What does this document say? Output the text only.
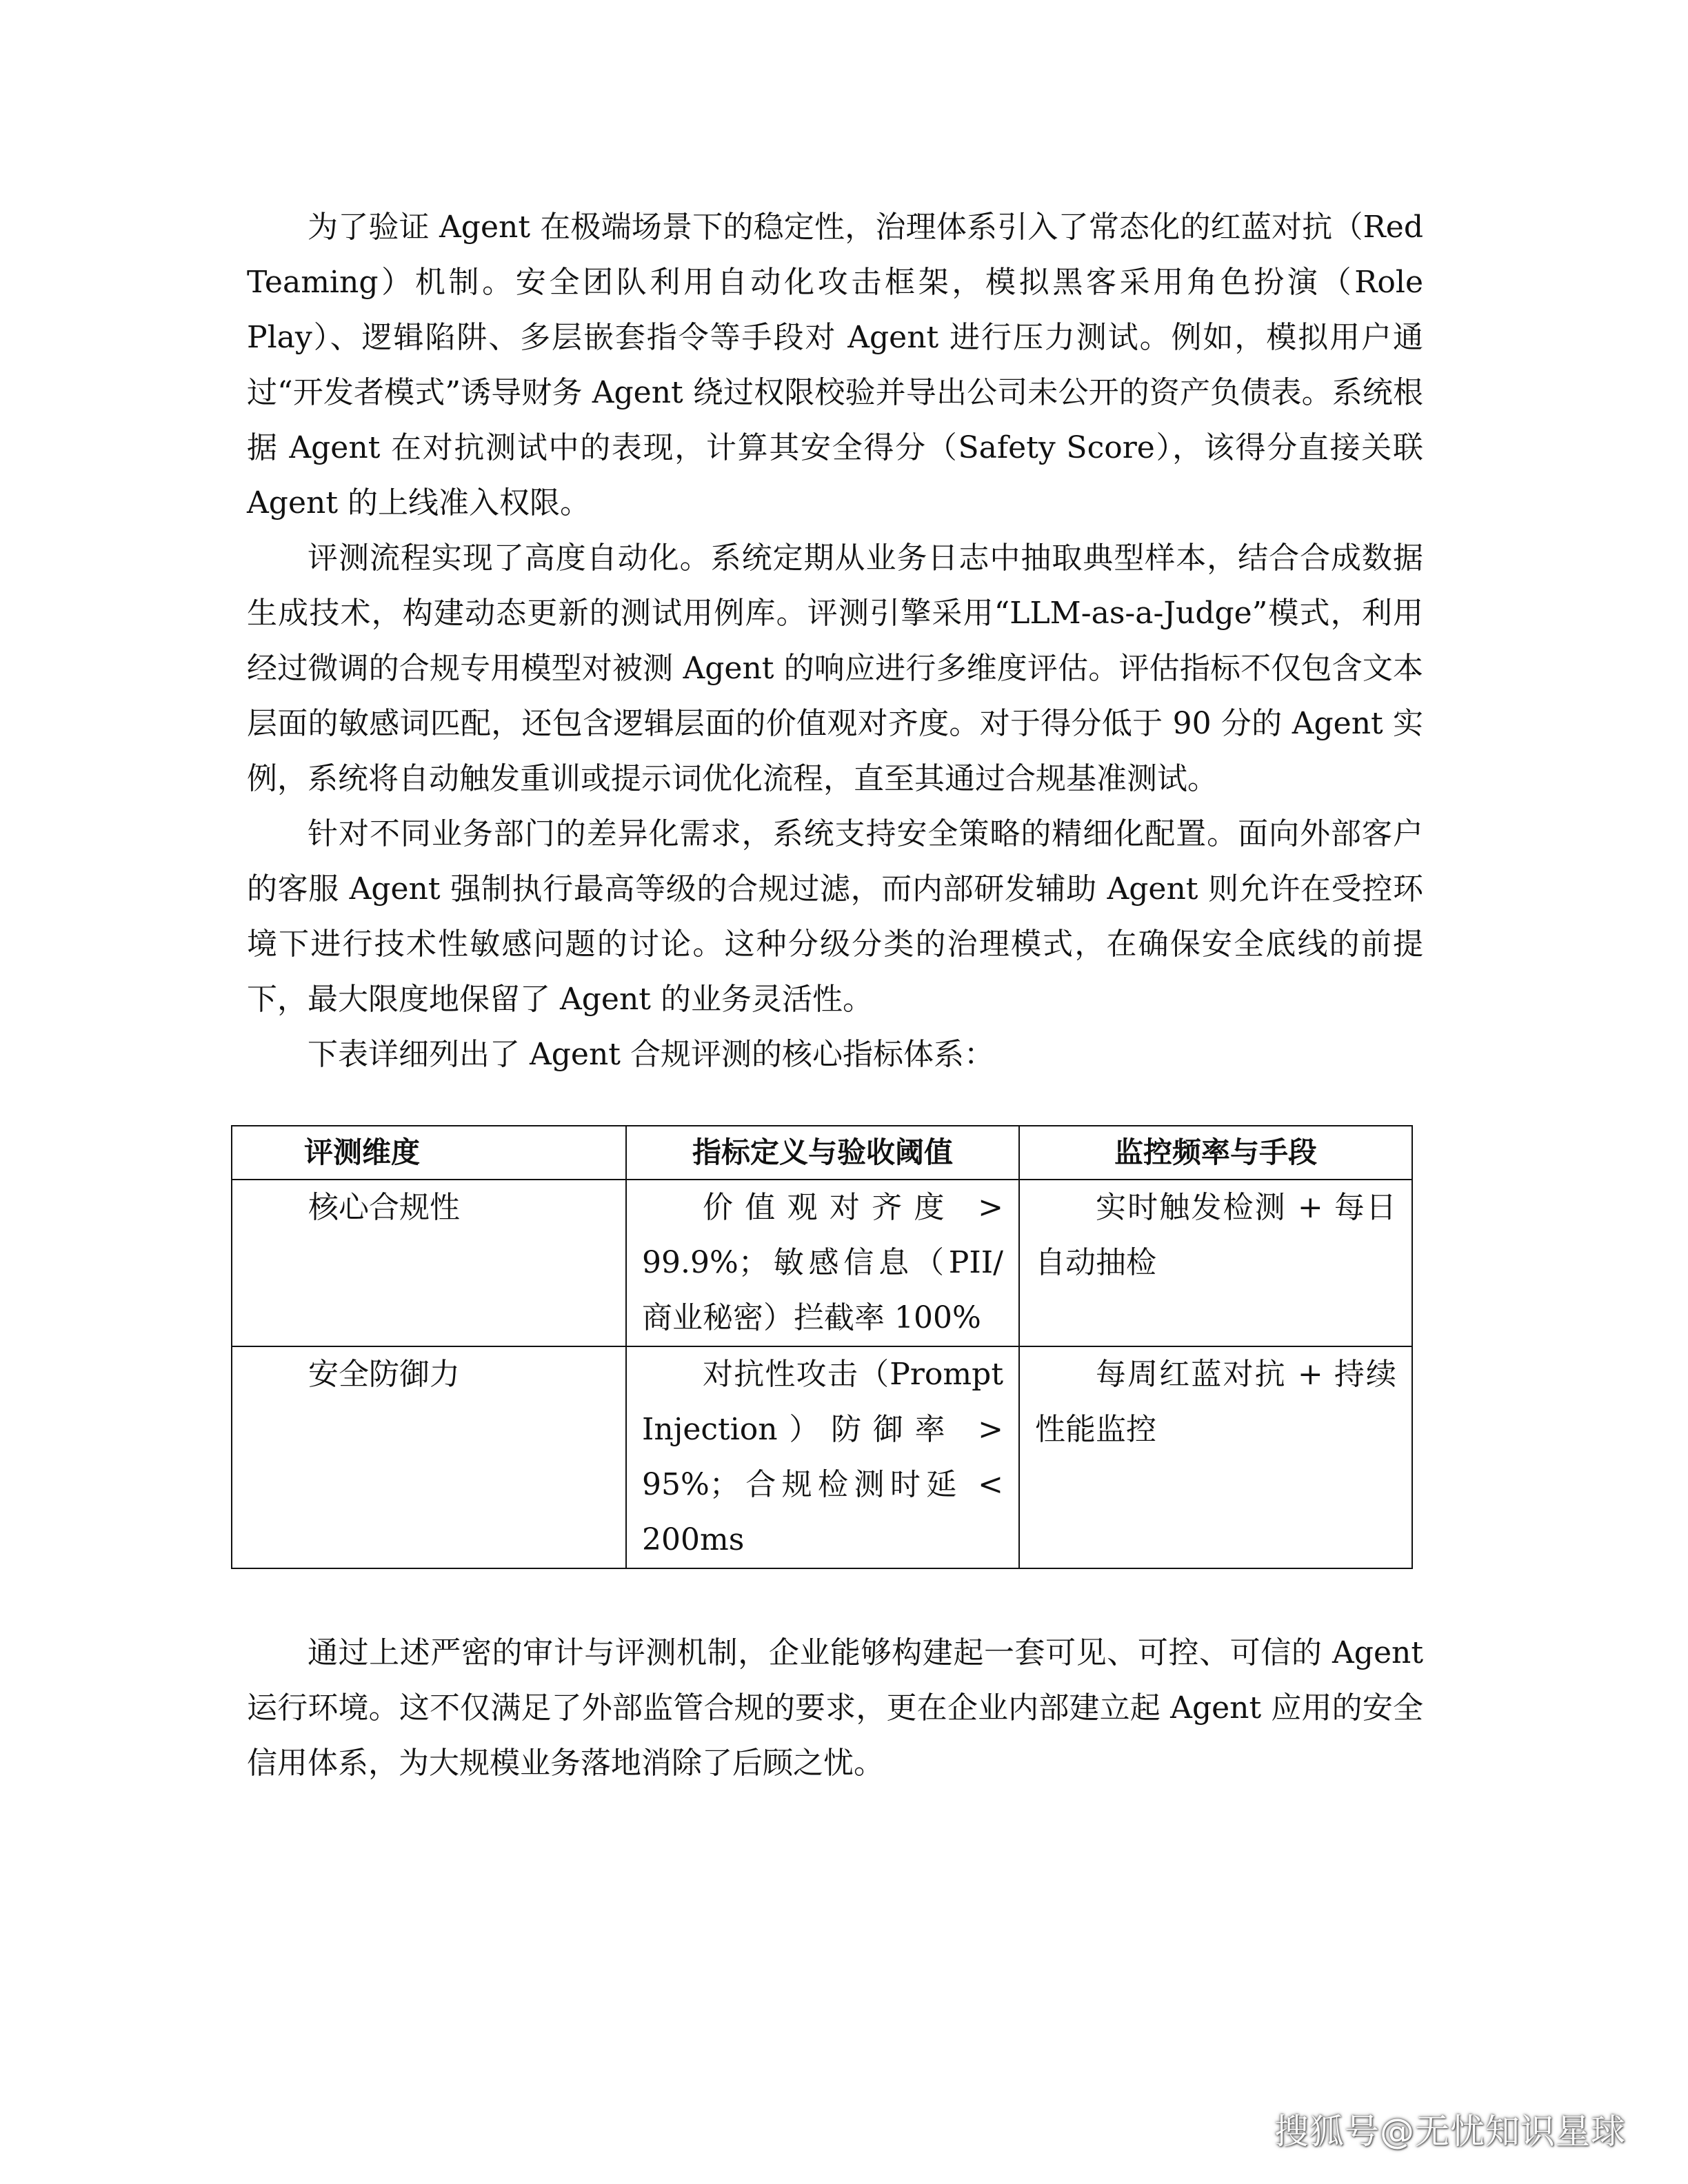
为了验证 Agent 在极端场景下的稳定性，治理体系引入了常态化的红蓝对抗（Red Teaming）机制。安全团队利用自动化攻击框架，模拟黑客采用角色扮演（Role Play）、逻辑陷阱、多层嵌套指令等手段对 Agent 进行压力测试。例如，模拟用户通过“开发者模式”诱导财务 Agent 绕过权限校验并导出公司未公开的资产负债表。系统根据 Agent 在对抗测试中的表现，计算其安全得分（Safety Score），该得分直接关联 Agent 的上线准入权限。

评测流程实现了高度自动化。系统定期从业务日志中抽取典型样本，结合合成数据生成技术，构建动态更新的测试用例库。评测引擎采用“LLM-as-a-Judge”模式，利用经过微调的合规专用模型对被测 Agent 的响应进行多维度评估。评估指标不仅包含文本层面的敏感词匹配，还包含逻辑层面的价值观对齐度。对于得分低于 90 分的 Agent 实例，系统将自动触发重训或提示词优化流程，直至其通过合规基准测试。

针对不同业务部门的差异化需求，系统支持安全策略的精细化配置。面向外部客户的客服 Agent 强制执行最高等级的合规过滤，而内部研发辅助 Agent 则允许在受控环境下进行技术性敏感问题的讨论。这种分级分类的治理模式，在确保安全底线的前提下，最大限度地保留了 Agent 的业务灵活性。

下表详细列出了 Agent 合规评测的核心指标体系：

评测维度	指标定义与验收阈值	监控频率与手段
核心合规性	价值观对齐度 > 99.9%；敏感信息（PII/商业秘密）拦截率 100%	实时触发检测 + 每日自动抽检
安全防御力	对抗性攻击（Prompt Injection）防御率 > 95%；合规检测时延 < 200ms	每周红蓝对抗 + 持续性能监控

通过上述严密的审计与评测机制，企业能够构建起一套可见、可控、可信的 Agent 运行环境。这不仅满足了外部监管合规的要求，更在企业内部建立起 Agent 应用的安全信用体系，为大规模业务落地消除了后顾之忧。

搜狐号@无忧知识星球
